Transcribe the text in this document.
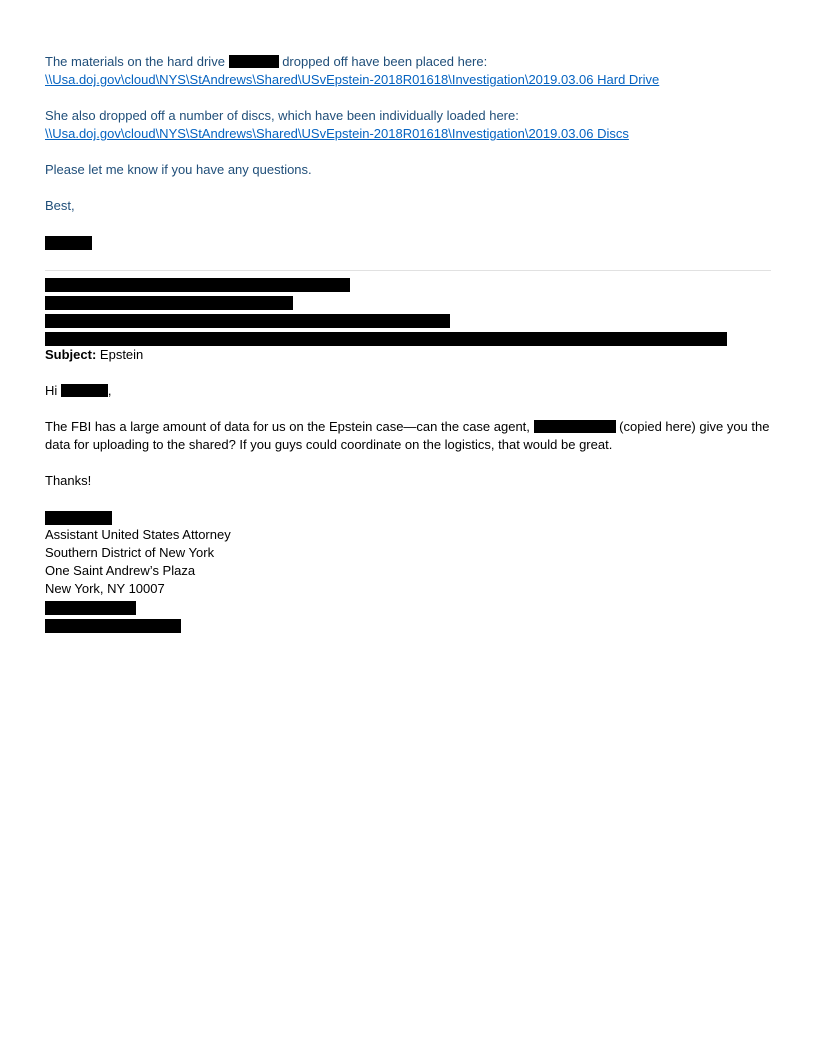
The materials on the hard drive	dropped off have been placed here:
\\Usa.doj.gov\cloud\NYS\StAndrews\Shared\USvEpstein-2018R01618\Investigation\2019.03.06 Hard Drive
She also dropped off a number of discs, which have been individually loaded here:
\\Usa.doj.gov\cloud\NYS\StAndrews\Shared\USvEpstein-2018R01618\Investigation\2019.03.06 Discs
Please let me know if you have any questions.
Best,
Subject: Epstein
Hi	,
The FBI has a large amount of data for us on the Epstein case—can the case agent,	(copied here) give you the data for uploading to the shared? If you guys could coordinate on the logistics, that would be great.
Thanks!
Assistant United States Attorney
Southern District of New York
One Saint Andrew’s Plaza
New York, NY 10007
